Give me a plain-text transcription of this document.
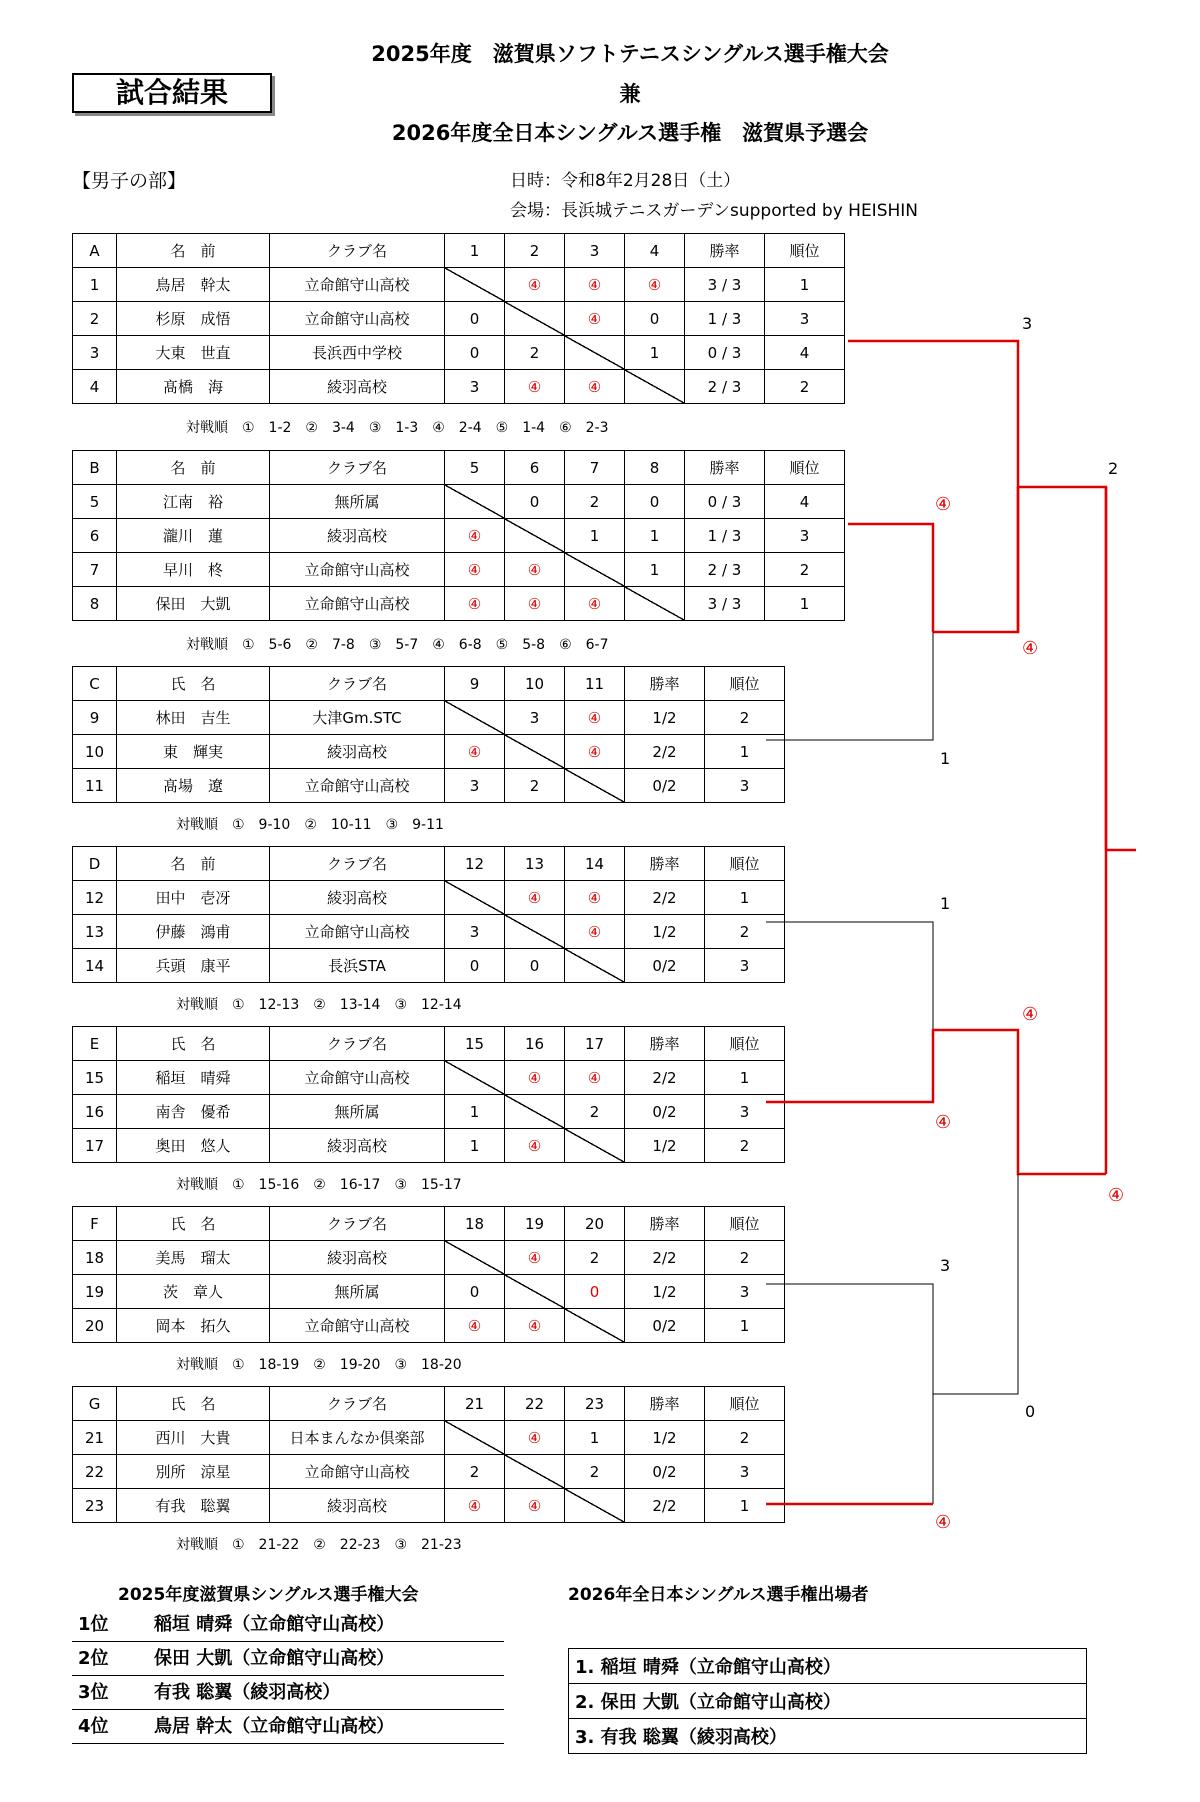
2025年度　滋賀県ソフトテニスシングルス選手権大会
兼
2026年度全日本シングルス選手権　滋賀県予選会
試合結果
【男子の部】	日時：令和8年2月28日（土）
会場：長浜城テニスガーデンsupported by HEISHIN
A	名　前	クラブ名	1	2	3	4	勝率	順位
1	鳥居　幹太	立命館守山高校		④	④	④	3 / 3	1
2	杉原　成悟	立命館守山高校	0		④	0	1 / 3	3
3	大東　世直	長浜西中学校	0	2		1	0 / 3	4
4	髙橋　海	綾羽高校	3	④	④		2 / 3	2
対戦順　①　1-2　②　3-4　③　1-3　④　2-4　⑤　1-4　⑥　2-3
B	名　前	クラブ名	5	6	7	8	勝率	順位
5	江南　裕	無所属		0	2	0	0 / 3	4
6	瀧川　蓮	綾羽高校	④		1	1	1 / 3	3
7	早川　柊	立命館守山高校	④	④		1	2 / 3	2
8	保田　大凱	立命館守山高校	④	④	④		3 / 3	1
対戦順　①　5-6　②　7-8　③　5-7　④　6-8　⑤　5-8　⑥　6-7
C	氏　名	クラブ名	9	10	11	勝率	順位
9	林田　吉生	大津Gm.STC		3	④	1/2	2
10	東　輝実	綾羽高校	④		④	2/2	1
11	髙場　遼	立命館守山高校	3	2		0/2	3
対戦順　①　9-10　②　10-11　③　9-11
D	名　前	クラブ名	12	13	14	勝率	順位
12	田中　壱冴	綾羽高校		④	④	2/2	1
13	伊藤　鴻甫	立命館守山高校	3		④	1/2	2
14	兵頭　康平	長浜STA	0	0		0/2	3
対戦順　①　12-13　②　13-14　③　12-14
E	氏　名	クラブ名	15	16	17	勝率	順位
15	稲垣　晴舜	立命館守山高校		④	④	2/2	1
16	南舎　優希	無所属	1		2	0/2	3
17	奥田　悠人	綾羽高校	1	④		1/2	2
対戦順　①　15-16　②　16-17　③　15-17
F	氏　名	クラブ名	18	19	20	勝率	順位
18	美馬　瑠太	綾羽高校		④	2	2/2	2
19	茨　章人	無所属	0		0	1/2	3
20	岡本　拓久	立命館守山高校	④	④		0/2	1
対戦順　①　18-19　②　19-20　③　18-20
G	氏　名	クラブ名	21	22	23	勝率	順位
21	西川　大貴	日本まんなか倶楽部		④	1	1/2	2
22	別所　涼星	立命館守山高校	2		2	0/2	3
23	有我　聡翼	綾羽高校	④	④		2/2	1
対戦順　①　21-22　②　22-23　③　21-23
3
2
④
④
1
1
④
④
④
3
0
④
2025年度滋賀県シングルス選手権大会	2026年全日本シングルス選手権出場者
1位	稲垣 晴舜（立命館守山高校）
2位	保田 大凱（立命館守山高校）
3位	有我 聡翼（綾羽高校）
4位	鳥居 幹太（立命館守山高校）
1. 稲垣 晴舜（立命館守山高校）
2. 保田 大凱（立命館守山高校）
3. 有我 聡翼（綾羽高校）
